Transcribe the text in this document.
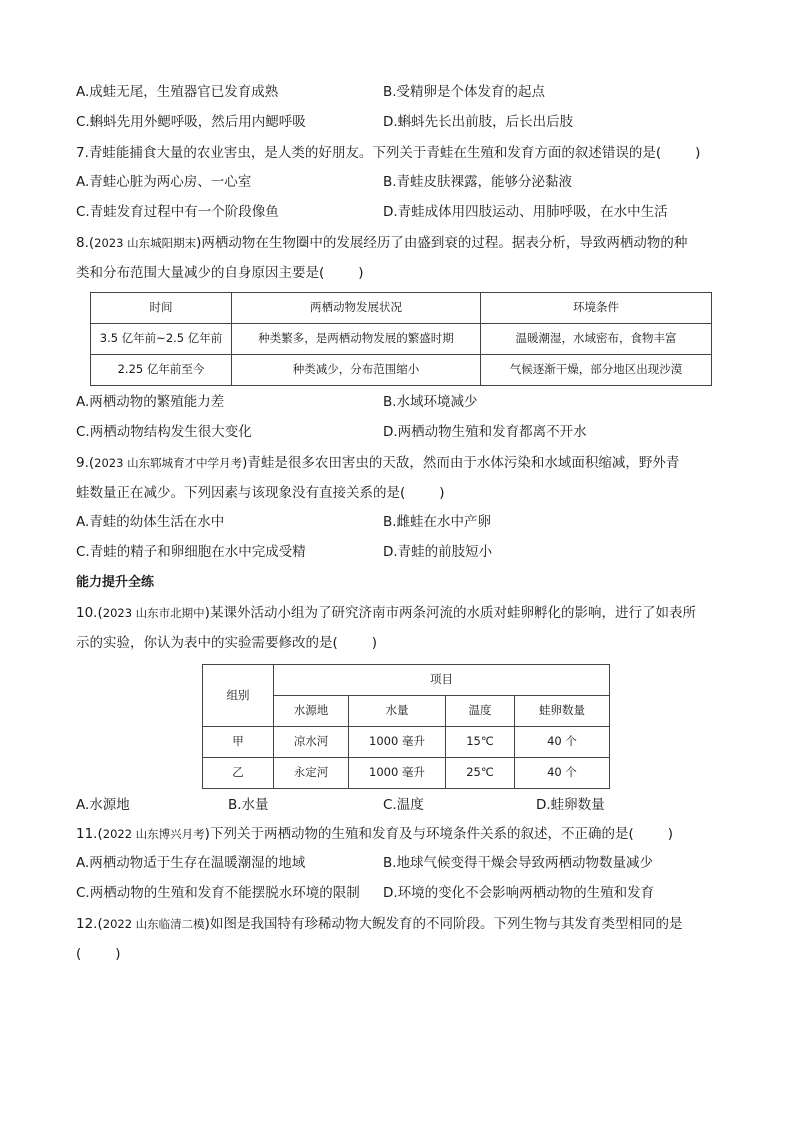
A.成蛙无尾，生殖器官已发育成熟	B.受精卵是个体发育的起点
C.蝌蚪先用外鳃呼吸，然后用内鳃呼吸	D.蝌蚪先长出前肢，后长出后肢
7.青蛙能捕食大量的农业害虫，是人类的好朋友。下列关于青蛙在生殖和发育方面的叙述错误的是(	)
A.青蛙心脏为两心房、一心室	B.青蛙皮肤裸露，能够分泌黏液
C.青蛙发育过程中有一个阶段像鱼	D.青蛙成体用四肢运动、用肺呼吸，在水中生活
8.(2023 山东城阳期末)两栖动物在生物圈中的发展经历了由盛到衰的过程。据表分析，导致两栖动物的种
类和分布范围大量减少的自身原因主要是(	)
时间	两栖动物发展状况	环境条件
3.5 亿年前~2.5 亿年前	种类繁多，是两栖动物发展的繁盛时期	温暖潮湿，水域密布，食物丰富
2.25 亿年前至今	种类减少，分布范围缩小	气候逐渐干燥，部分地区出现沙漠
A.两栖动物的繁殖能力差	B.水域环境减少
C.两栖动物结构发生很大变化	D.两栖动物生殖和发育都离不开水
9.(2023 山东郓城育才中学月考)青蛙是很多农田害虫的天敌，然而由于水体污染和水域面积缩减，野外青
蛙数量正在减少。下列因素与该现象没有直接关系的是(	)
A.青蛙的幼体生活在水中	B.雌蛙在水中产卵
C.青蛙的精子和卵细胞在水中完成受精	D.青蛙的前肢短小
能力提升全练
10.(2023 山东市北期中)某课外活动小组为了研究济南市两条河流的水质对蛙卵孵化的影响，进行了如表所
示的实验，你认为表中的实验需要修改的是(	)
组别	项目			
	水源地	水量	温度	蛙卵数量
甲	凉水河	1000 毫升	15℃	40 个
乙	永定河	1000 毫升	25℃	40 个
A.水源地	B.水量	C.温度	D.蛙卵数量
11.(2022 山东博兴月考)下列关于两栖动物的生殖和发育及与环境条件关系的叙述，不正确的是(	)
A.两栖动物适于生存在温暖潮湿的地域	B.地球气候变得干燥会导致两栖动物数量减少
C.两栖动物的生殖和发育不能摆脱水环境的限制 D.环境的变化不会影响两栖动物的生殖和发育
12.(2022 山东临清二模)如图是我国特有珍稀动物大鲵发育的不同阶段。下列生物与其发育类型相同的是
(	)
